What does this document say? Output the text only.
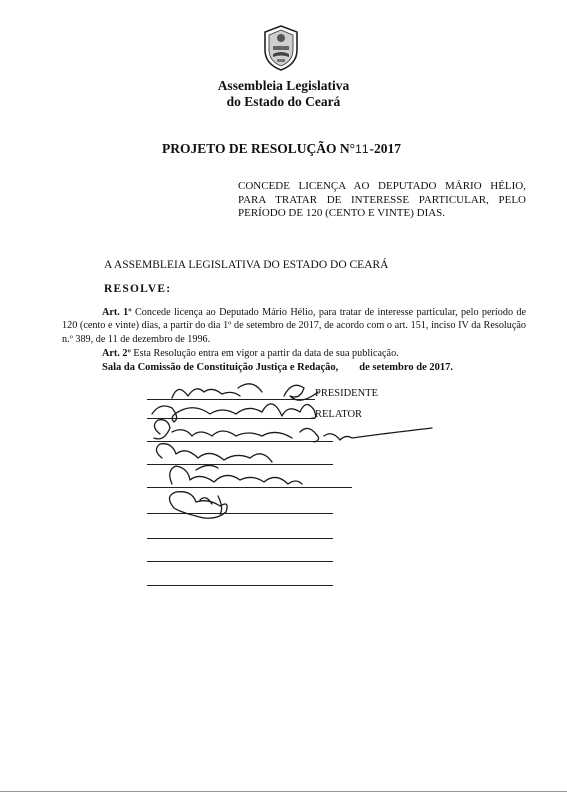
Assembleia Legislativa
do Estado do Ceará
PROJETO DE RESOLUÇÃO N°11-2017
CONCEDE LICENÇA AO DEPUTADO MÁRIO HÉLIO, PARA TRATAR DE INTERESSE PARTICULAR, PELO PERÍODO DE 120 (CENTO E VINTE) DIAS.
A ASSEMBLEIA LEGISLATIVA DO ESTADO DO CEARÁ
RESOLVE:

Art. 1º Concede licença ao Deputado Mário Hélio, para tratar de interesse particular, pelo período de 120 (cento e vinte) dias, a partir do dia 1º de setembro de 2017, de acordo com o art. 151, inciso IV da Resolução n.º 389, de 11 de dezembro de 1996.

Art. 2º Esta Resolução entra em vigor a partir da data de sua publicação.
Sala da Comissão de Constituição Justiça e Redação, de setembro de 2017.
PRESIDENTE
RELATOR
